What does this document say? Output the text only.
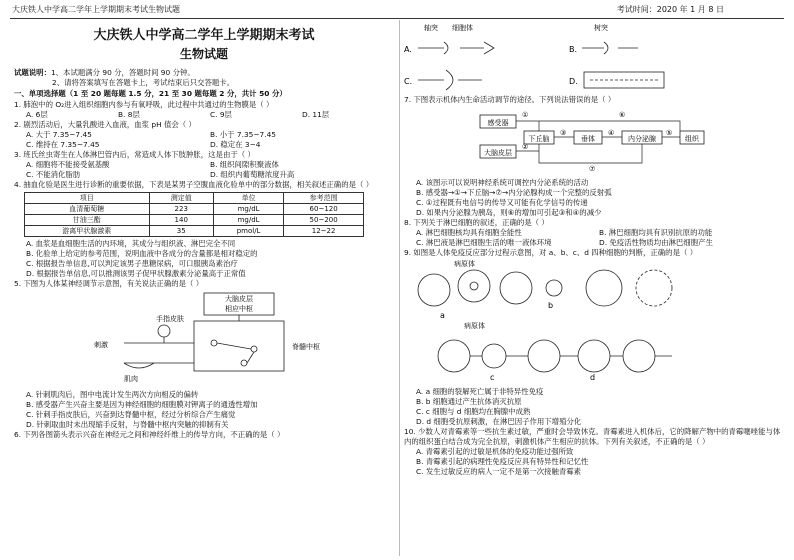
大庆铁人中学高二学年上学期期末考试生物试题	考试时间：2020 年 1 月 8 日

大庆铁人中学高二学年上学期期末考试

生物试题

试题说明：1、本试题满分 90 分，答题时间 90 分钟。

2、请将答案填写在答题卡上，考试结束后只交答题卡。

一、单项选择题（1 至 20 题每题 1.5 分，21 至 30 题每题 2 分，共计 50 分）

1. 肺泡中的 O₂进入组织细胞内参与有氧呼吸，此过程中共通过的生物膜是（ ）

A. 6层	B. 8层	C. 9层	D. 11层

2. 剧烈活动后，大量乳酸进入血液，血浆 pH 值会（ ）

A. 大于 7.35~7.45	B. 小于 7.35~7.45
C. 维持在 7.35~7.45	D. 稳定在 3~4

3. 班氏丝虫寄生在人体淋巴管内后，常造成人体下肢肿胀，这是由于（ ）

A. 细胞将不能接受氨基酸	B. 组织间隙积聚液体
C. 不能消化脂肪	D. 组织内葡萄糖浓度升高

4. 抽血化验是医生进行诊断的重要依据，下表是某男子空腹血液化验单中的部分数据，相关叙述正确的是（ ）

项目	测定值	单位	参考范围
血清葡萄糖	223	mg/dL	60~120
甘油三酯	140	mg/dL	50~200
游离甲状腺激素	35	pmol/L	12~22

A. 血浆是血细胞生活的内环境，其成分与组织液、淋巴完全不同

B. 化验单上给定的参考范围，说明血液中各成分的含量都是相对稳定的

C. 根据报告单信息,可以判定该男子患糖尿病，可口服胰岛素治疗

D. 根据报告单信息,可以推测该男子促甲状腺激素分泌量高于正常值

5. 下图为人体某神经调节示意图，有关说法正确的是（ ）

大脑皮层
相应中枢
手指皮肤
刺激
肌肉
脊髓中枢

A. 针刺肌肉后，图中电流计发生两次方向相反的偏转

B. 感受器产生兴奋主要是因为神经细胞的细胞膜对钾离子的通透性增加

C. 针刺手指皮肤后，兴奋到达脊髓中枢，经过分析综合产生痛觉

D. 针刺取血时未出现缩手反射，与脊髓中枢内突触的抑制有关

6. 下列各图箭头表示兴奋在神经元之间和神经纤维上的传导方向，不正确的是（ ）

轴突 细胞体	树突
A.	B.
C.	D.

7. 下图表示机体内生命活动调节的途径。下列说法错误的是（ ）

感受器
下丘脑	垂体	内分泌腺	组织
大脑皮层
①
②
③	④	⑤
⑥
⑦

A. 该图示可以说明神经系统可调控内分泌系统的活动

B. 感受器→①→下丘脑→⑦→内分泌腺构成一个完整的反射弧

C. ①过程既有电信号的传导又可能有化学信号的传递

D. 如果内分泌腺为胰岛，则⑥的增加可引起③和④的减少

8. 下列关于淋巴细胞的叙述，正确的是（ ）

A. 淋巴细胞核均具有细胞全能性	B. 淋巴细胞均具有识别抗原的功能
C. 淋巴液是淋巴细胞生活的唯一液体环境	D. 免疫活性物质均由淋巴细胞产生

9. 如图是人体免疫反应部分过程示意图，对 a、b、c、d 四种细胞的判断，正确的是（ ）

病原体
a
b
病原体
c	d

A. a 细胞的裂解死亡属于非特异性免疫

B. b 细胞通过产生抗体消灭抗原

C. c 细胞与 d 细胞均在胸腺中成熟

D. d 细胞受抗原刺激，在淋巴因子作用下增殖分化

10. 少数人对青霉素等一些抗生素过敏，严重时会导致休克。青霉素进入机体后，它的降解产物中的青霉噻唑能与体内的组织蛋白结合成为完全抗原，刺激机体产生相应的抗体。下列有关叙述，不正确的是（ ）

A. 青霉素引起的过敏是机体的免疫功能过强所致

B. 青霉素引起的病理性免疫反应具有特异性和记忆性

C. 发生过敏反应的病人一定不是第一次接触青霉素
